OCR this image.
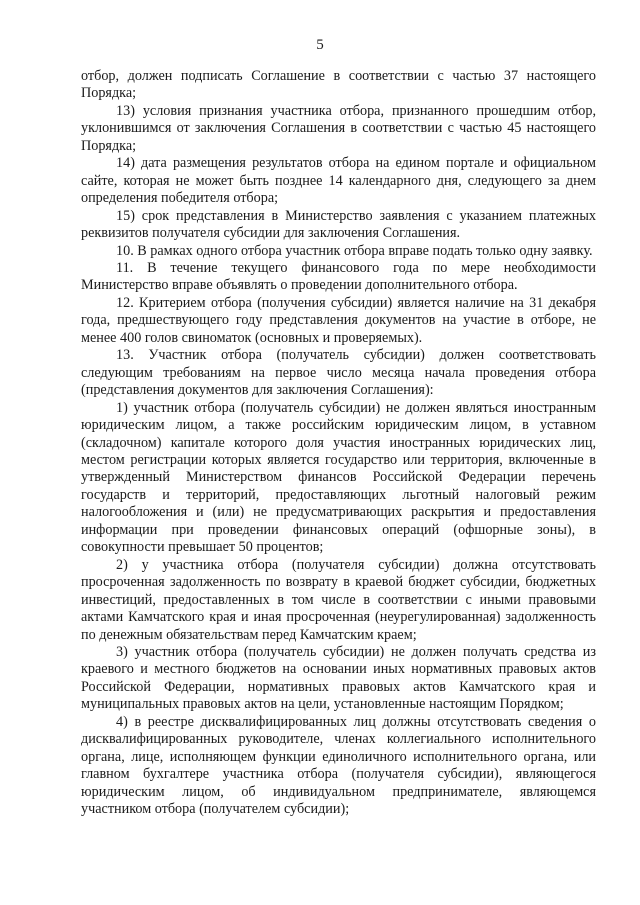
5

отбор, должен подписать Соглашение в соответствии с частью 37 настоящего Порядка;

13) условия признания участника отбора, признанного прошедшим отбор, уклонившимся от заключения Соглашения в соответствии с частью 45 настоящего Порядка;

14) дата размещения результатов отбора на едином портале и официальном сайте, которая не может быть позднее 14 календарного дня, следующего за днем определения победителя отбора;

15) срок представления в Министерство заявления с указанием платежных реквизитов получателя субсидии для заключения Соглашения.

10. В рамках одного отбора участник отбора вправе подать только одну заявку.

11. В течение текущего финансового года по мере необходимости Министерство вправе объявлять о проведении дополнительного отбора.

12. Критерием отбора (получения субсидии) является наличие на 31 декабря года, предшествующего году представления документов на участие в отборе, не менее 400 голов свиноматок (основных и проверяемых).

13. Участник отбора (получатель субсидии) должен соответствовать следующим требованиям на первое число месяца начала проведения отбора (представления документов для заключения Соглашения):

1) участник отбора (получатель субсидии) не должен являться иностранным юридическим лицом, а также российским юридическим лицом, в уставном (складочном) капитале которого доля участия иностранных юридических лиц, местом регистрации которых является государство или территория, включенные в утвержденный Министерством финансов Российской Федерации перечень государств и территорий, предоставляющих льготный налоговый режим налогообложения и (или) не предусматривающих раскрытия и предоставления информации при проведении финансовых операций (офшорные зоны), в совокупности превышает 50 процентов;

2) у участника отбора (получателя субсидии) должна отсутствовать просроченная задолженность по возврату в краевой бюджет субсидии, бюджетных инвестиций, предоставленных в том числе в соответствии с иными правовыми актами Камчатского края и иная просроченная (неурегулированная) задолженность по денежным обязательствам перед Камчатским краем;

3) участник отбора (получатель субсидии) не должен получать средства из краевого и местного бюджетов на основании иных нормативных правовых актов Российской Федерации, нормативных правовых актов Камчатского края и муниципальных правовых актов на цели, установленные настоящим Порядком;

4) в реестре дисквалифицированных лиц должны отсутствовать сведения о дисквалифицированных руководителе, членах коллегиального исполнительного органа, лице, исполняющем функции единоличного исполнительного органа, или главном бухгалтере участника отбора (получателя субсидии), являющегося юридическим лицом, об индивидуальном предпринимателе, являющемся участником отбора (получателем субсидии);
